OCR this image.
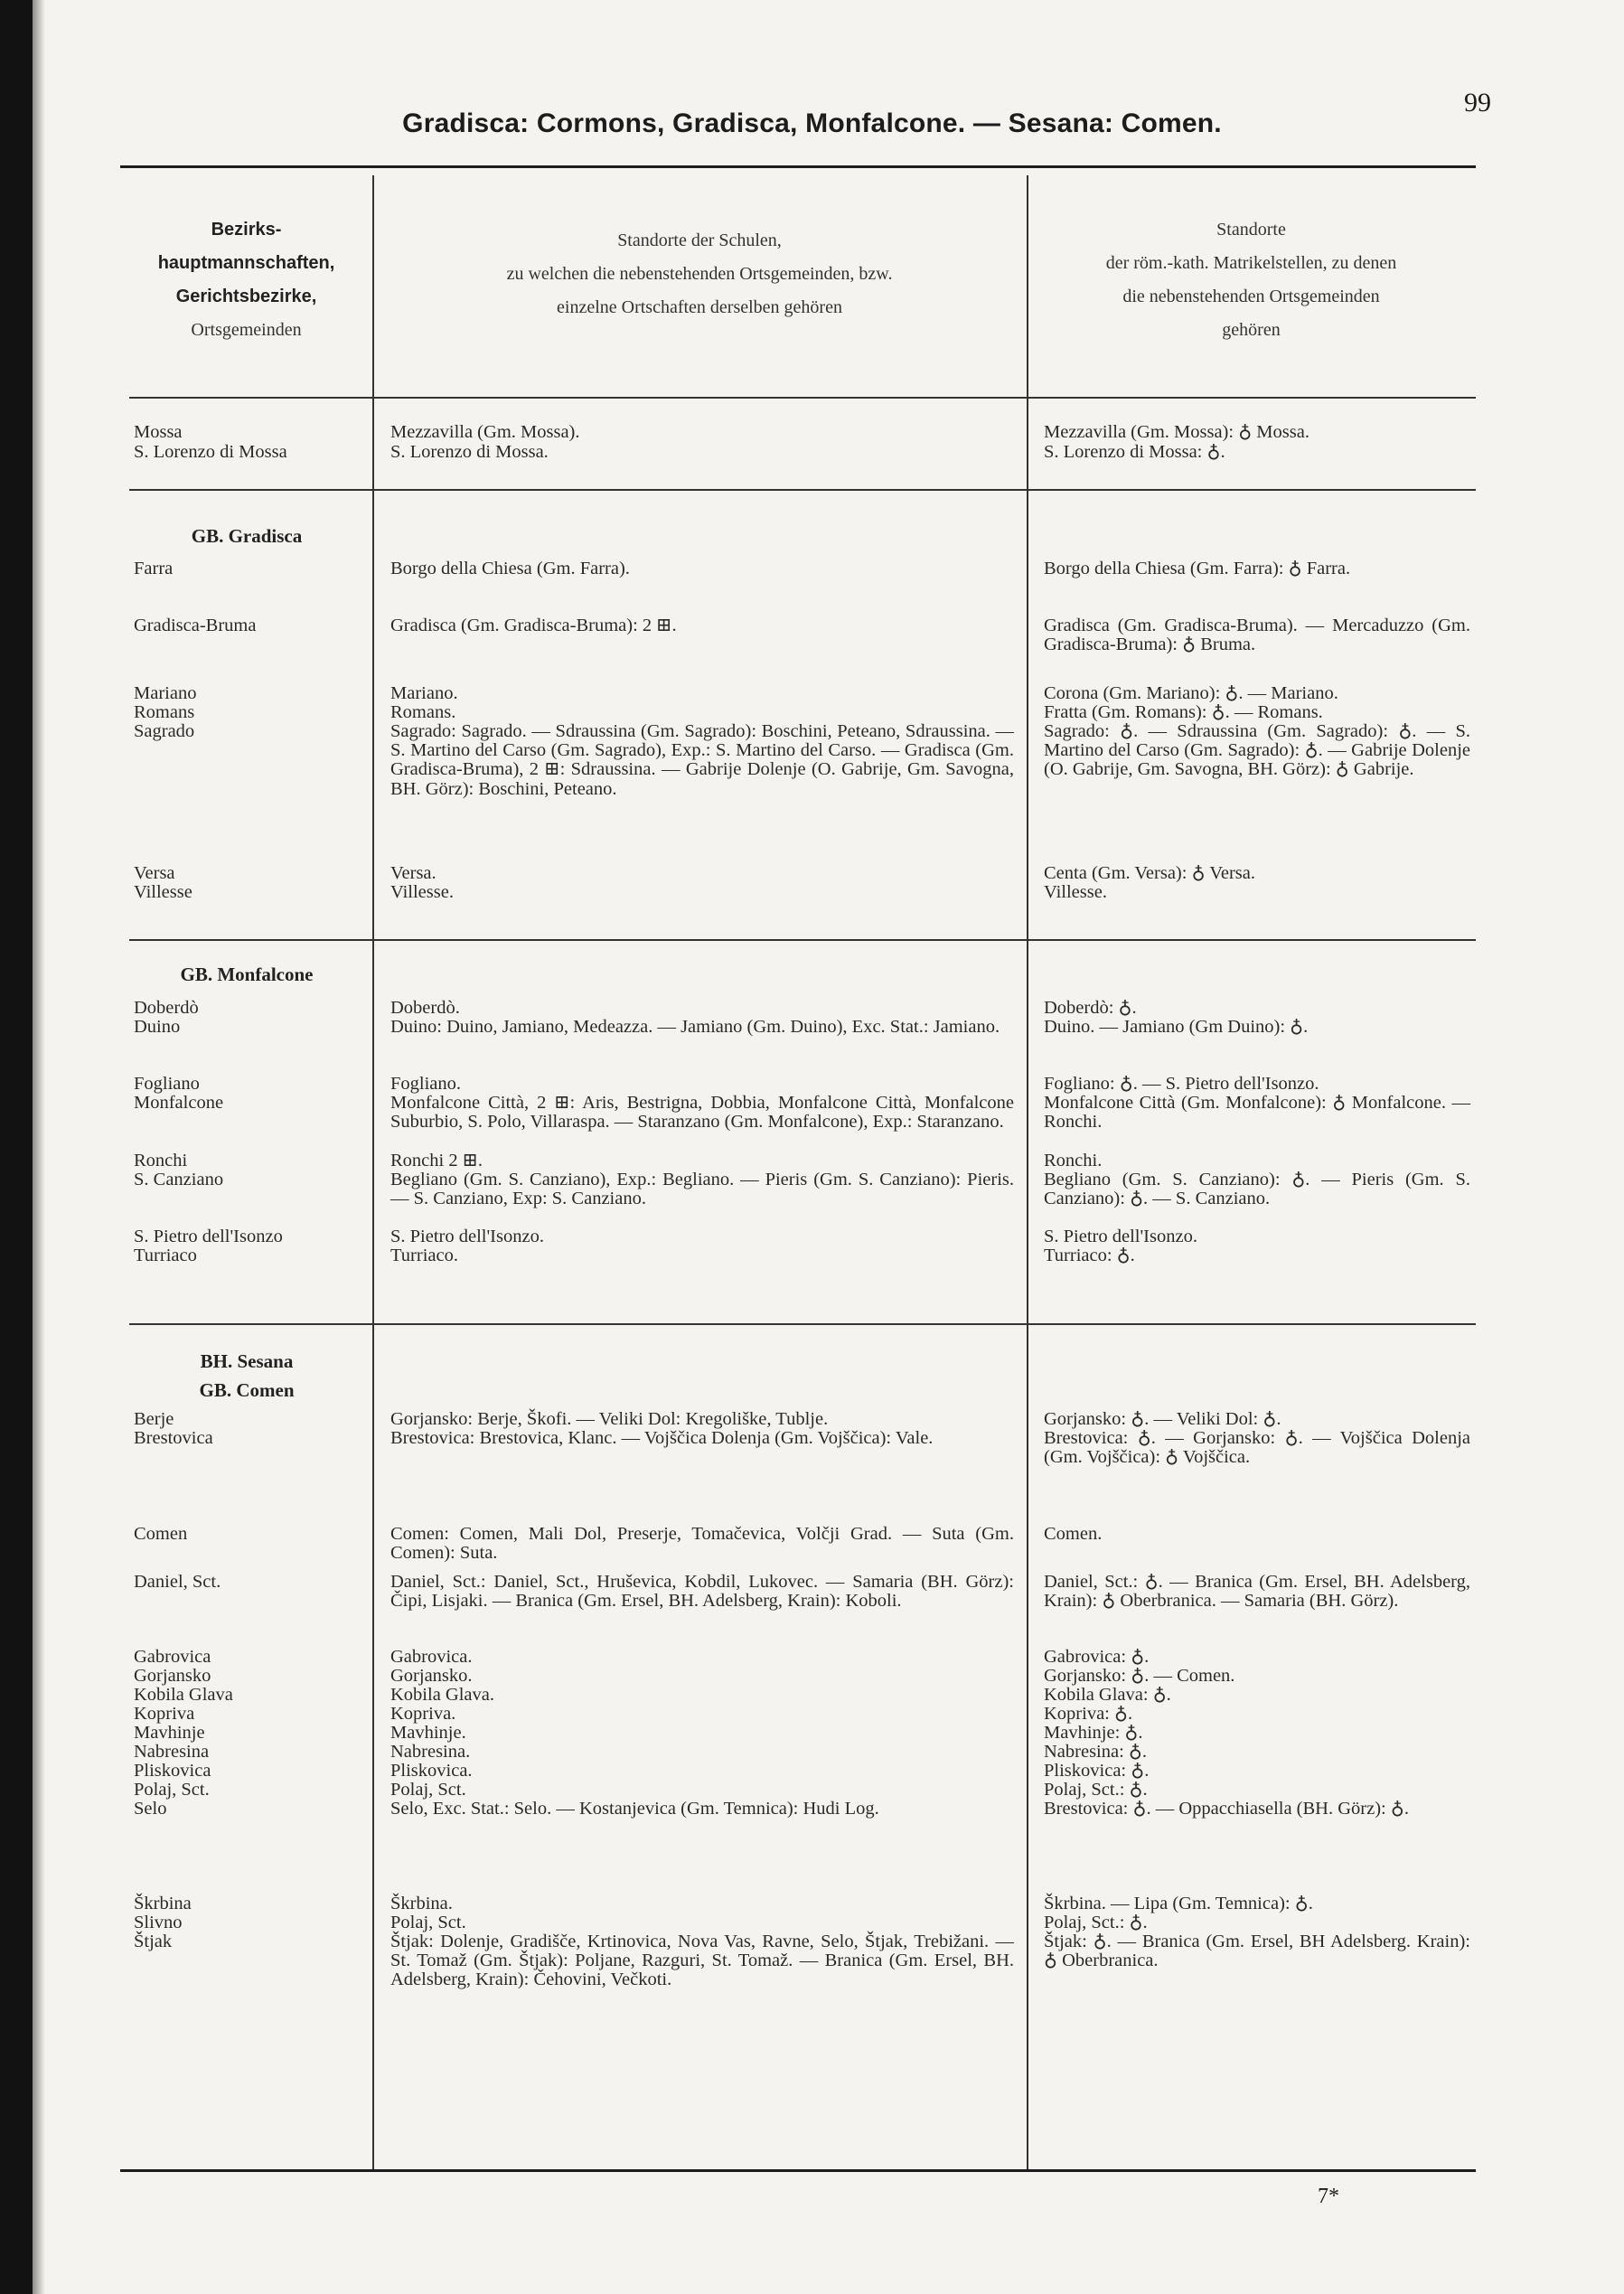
Gradisca: Cormons, Gradisca, Monfalcone. — Sesana: Comen.
99
Bezirks-
hauptmannschaften,
Gerichtsbezirke,
Ortsgemeinden
Standorte der Schulen,
zu welchen die nebenstehenden Ortsgemeinden, bzw.
einzelne Ortschaften derselben gehören
Standorte
der röm.-kath. Matrikelstellen, zu denen
die nebenstehenden Ortsgemeinden
gehören
GB. Gradisca
GB. Monfalcone
BH. Sesana
GB. Comen
Mossa
S. Lorenzo di Mossa
Farra
Gradisca-Bruma
Mariano
Romans
Sagrado
Versa
Villesse
Doberdò
Duino
Fogliano
Monfalcone
Ronchi
S. Canziano
S. Pietro dell'Isonzo
Turriaco
Berje
Brestovica
Comen
Daniel, Sct.
Gabrovica
Gorjansko
Kobila Glava
Kopriva
Mavhinje
Nabresina
Pliskovica
Polaj, Sct.
Selo
Škrbina
Slivno
Štjak
Mezzavilla (Gm. Mossa).
S. Lorenzo di Mossa.
Borgo della Chiesa (Gm. Farra).
Gradisca (Gm. Gradisca-Bruma): 2 ⊞.
Mariano.
Romans.
Sagrado: Sagrado. — Sdraussina (Gm. Sagrado): Boschini, Peteano, Sdraussina. — S. Martino del Carso (Gm. Sagrado), Exp.: S. Martino del Carso. — Gradisca (Gm. Gradisca-Bruma), 2 ⊞: Sdraussina. — Gabrije Dolenje (O. Gabrije, Gm. Savogna, BH. Görz): Boschini, Peteano.
Versa.
Villesse.
Doberdò.
Duino: Duino, Jamiano, Medeazza. — Jamiano (Gm. Duino), Exc. Stat.: Jamiano.
Fogliano.
Monfalcone Città, 2 ⊞: Aris, Bestrigna, Dobbia, Monfalcone Città, Monfalcone Suburbio, S. Polo, Villaraspa. — Staranzano (Gm. Monfalcone), Exp.: Staranzano.
Ronchi 2 ⊞.
Begliano (Gm. S. Canziano), Exp.: Begliano. — Pieris (Gm. S. Canziano): Pieris. — S. Canziano, Exp: S. Canziano.
S. Pietro dell'Isonzo.
Turriaco.
Gorjansko: Berje, Škofi. — Veliki Dol: Kregoliške, Tublje.
Brestovica: Brestovica, Klanc. — Vojščica Dolenja (Gm. Vojščica): Vale.
Comen: Comen, Mali Dol, Preserje, Tomačevica, Volčji Grad. — Suta (Gm. Comen): Suta.
Daniel, Sct.: Daniel, Sct., Hruševica, Kobdil, Lukovec. — Samaria (BH. Görz): Čipi, Lisjaki. — Branica (Gm. Ersel, BH. Adelsberg, Krain): Koboli.
Gabrovica.
Gorjansko.
Kobila Glava.
Kopriva.
Mavhinje.
Nabresina.
Pliskovica.
Polaj, Sct.
Selo, Exc. Stat.: Selo. — Kostanjevica (Gm. Temnica): Hudi Log.
Škrbina.
Polaj, Sct.
Štjak: Dolenje, Gradišče, Krtinovica, Nova Vas, Ravne, Selo, Štjak, Trebižani. — St. Tomaž (Gm. Štjak): Poljane, Razguri, St. Tomaž. — Branica (Gm. Ersel, BH. Adelsberg, Krain): Čehovini, Večkoti.
Mezzavilla (Gm. Mossa): ♁ Mossa.
S. Lorenzo di Mossa: ♁.
Borgo della Chiesa (Gm. Farra): ♁ Farra.
Gradisca (Gm. Gradisca-Bruma). — Mercaduzzo (Gm. Gradisca-Bruma): ♁ Bruma.
Corona (Gm. Mariano): ♁. — Mariano.
Fratta (Gm. Romans): ♁. — Romans.
Sagrado: ♁. — Sdraussina (Gm. Sagrado): ♁. — S. Martino del Carso (Gm. Sagrado): ♁. — Gabrije Dolenje (O. Gabrije, Gm. Savogna, BH. Görz): ♁ Gabrije.
Centa (Gm. Versa): ♁ Versa.
Villesse.
Doberdò: ♁.
Duino. — Jamiano (Gm Duino): ♁.
Fogliano: ♁. — S. Pietro dell'Isonzo.
Monfalcone Città (Gm. Monfalcone): ♁ Monfalcone. — Ronchi.
Ronchi.
Begliano (Gm. S. Canziano): ♁. — Pieris (Gm. S. Canziano): ♁. — S. Canziano.
S. Pietro dell'Isonzo.
Turriaco: ♁.
Gorjansko: ♁. — Veliki Dol: ♁.
Brestovica: ♁. — Gorjansko: ♁. — Vojščica Dolenja (Gm. Vojščica): ♁ Vojščica.
Comen.
Daniel, Sct.: ♁. — Branica (Gm. Ersel, BH. Adelsberg, Krain): ♁ Oberbranica. — Samaria (BH. Görz).
Gabrovica: ♁.
Gorjansko: ♁. — Comen.
Kobila Glava: ♁.
Kopriva: ♁.
Mavhinje: ♁.
Nabresina: ♁.
Pliskovica: ♁.
Polaj, Sct.: ♁.
Brestovica: ♁. — Oppacchiasella (BH. Görz): ♁.
Škrbina. — Lipa (Gm. Temnica): ♁.
Polaj, Sct.: ♁.
Štjak: ♁. — Branica (Gm. Ersel, BH Adelsberg. Krain): ♁ Oberbranica.
7*
